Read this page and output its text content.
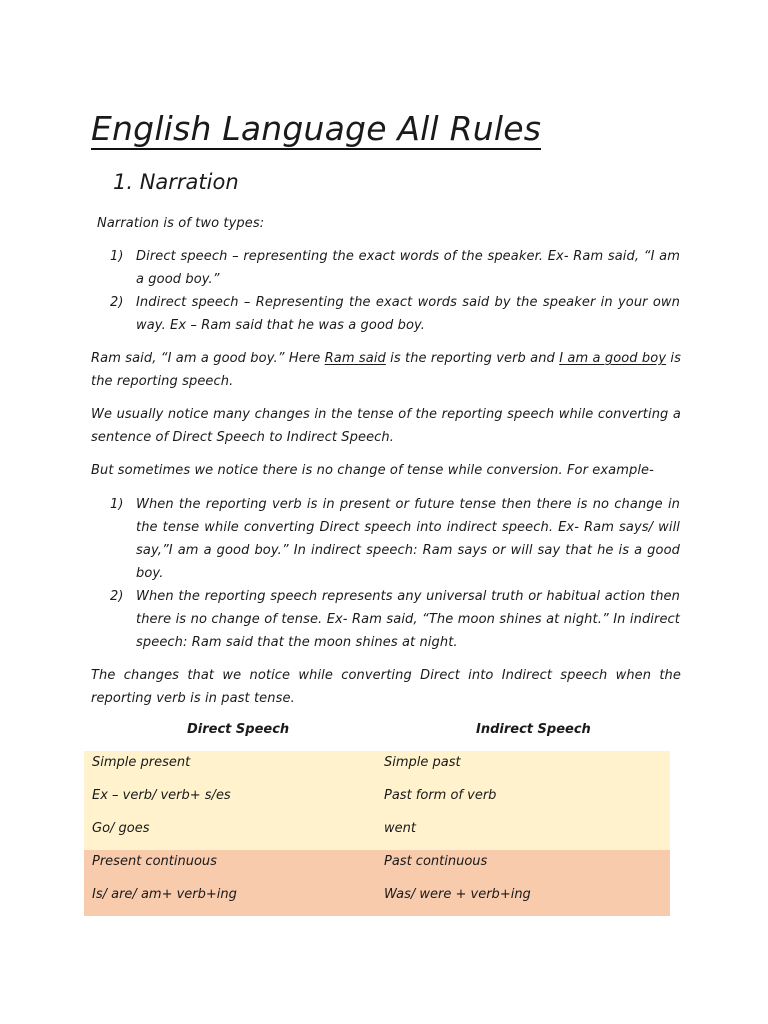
English Language All Rules
1. Narration
Narration is of two types:
1) Direct speech – representing the exact words of the speaker. Ex- Ram said, “I am a good boy.”
2) Indirect speech – Representing the exact words said by the speaker in your own way. Ex – Ram said that he was a good boy.
Ram said, “I am a good boy.” Here Ram said is the reporting verb and I am a good boy is the reporting speech.
We usually notice many changes in the tense of the reporting speech while converting a sentence of Direct Speech to Indirect Speech.
But sometimes we notice there is no change of tense while conversion. For example-
1) When the reporting verb is in present or future tense then there is no change in the tense while converting Direct speech into indirect speech. Ex- Ram says/ will say,”I am a good boy.” In indirect speech: Ram says or will say that he is a good boy.
2) When the reporting speech represents any universal truth or habitual action then there is no change of tense. Ex- Ram said, “The moon shines at night.” In indirect speech: Ram said that the moon shines at night.
The changes that we notice while converting Direct into Indirect speech when the reporting verb is in past tense.
Direct Speech	Indirect Speech
Simple present	Simple past
Ex – verb/ verb+ s/es	Past form of verb
Go/ goes	went
Present continuous	Past continuous
Is/ are/ am+ verb+ing	Was/ were + verb+ing
